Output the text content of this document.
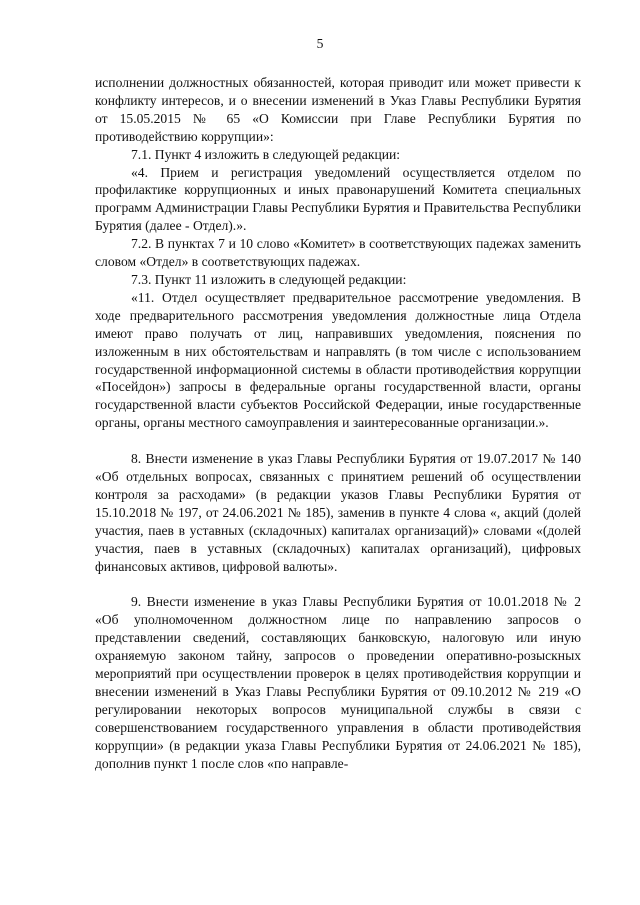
5

исполнении должностных обязанностей, которая приводит или может привести к конфликту интересов, и о внесении изменений в Указ Главы Республики Бурятия от 15.05.2015 № 65 «О Комиссии при Главе Республики Бурятия по противодействию коррупции»:

7.1. Пункт 4 изложить в следующей редакции:

«4. Прием и регистрация уведомлений осуществляется отделом по профилактике коррупционных и иных правонарушений Комитета специальных программ Администрации Главы Республики Бурятия и Правительства Республики Бурятия (далее - Отдел).».

7.2. В пунктах 7 и 10 слово «Комитет» в соответствующих падежах заменить словом «Отдел» в соответствующих падежах.

7.3. Пункт 11 изложить в следующей редакции:

«11. Отдел осуществляет предварительное рассмотрение уведомления. В ходе предварительного рассмотрения уведомления должностные лица Отдела имеют право получать от лиц, направивших уведомления, пояснения по изложенным в них обстоятельствам и направлять (в том числе с использованием государственной информационной системы в области противодействия коррупции «Посейдон») запросы в федеральные органы государственной власти, органы государственной власти субъектов Российской Федерации, иные государственные органы, органы местного самоуправления и заинтересованные организации.».

8. Внести изменение в указ Главы Республики Бурятия от 19.07.2017 № 140 «Об отдельных вопросах, связанных с принятием решений об осуществлении контроля за расходами» (в редакции указов Главы Республики Бурятия от 15.10.2018 № 197, от 24.06.2021 № 185), заменив в пункте 4 слова «, акций (долей участия, паев в уставных (складочных) капиталах организаций)» словами «(долей участия, паев в уставных (складочных) капиталах организаций), цифровых финансовых активов, цифровой валюты».

9. Внести изменение в указ Главы Республики Бурятия от 10.01.2018 № 2 «Об уполномоченном должностном лице по направлению запросов о представлении сведений, составляющих банковскую, налоговую или иную охраняемую законом тайну, запросов о проведении оперативно-розыскных мероприятий при осуществлении проверок в целях противодействия коррупции и внесении изменений в Указ Главы Республики Бурятия от 09.10.2012 № 219 «О регулировании некоторых вопросов муниципальной службы в связи с совершенствованием государственного управления в области противодействия коррупции» (в редакции указа Главы Республики Бурятия от 24.06.2021 № 185), дополнив пункт 1 после слов «по направле-
